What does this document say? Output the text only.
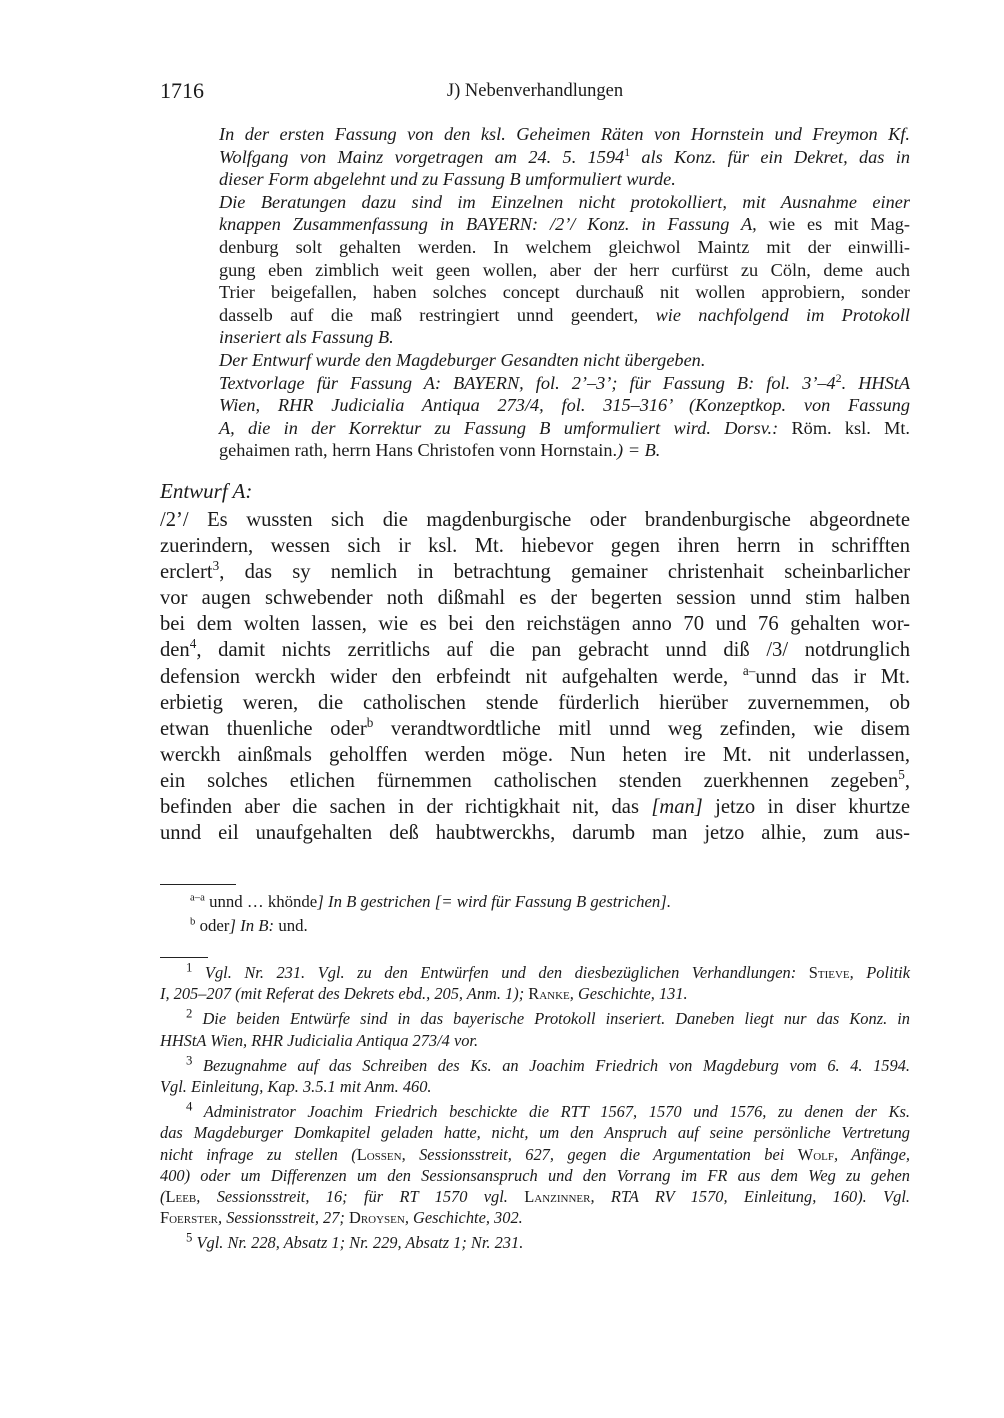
1716	J) Nebenverhandlungen
In der ersten Fassung von den ksl. Geheimen Räten von Hornstein und Freymon Kf.
Wolfgang von Mainz vorgetragen am 24. 5. 1594$^1$ als Konz. für ein Dekret, das in
dieser Form abgelehnt und zu Fassung B umformuliert wurde.
Die Beratungen dazu sind im Einzelnen nicht protokolliert, mit Ausnahme einer
knappen Zusammenfassung in BAYERN: /2’/ Konz. in Fassung A, wie es mit Mag-
denburg solt gehalten werden. In welchem gleichwol Maintz mit der einwilli-
gung eben zimblich weit geen wollen, aber der herr curfürst zu Cöln, deme auch
Trier beigefallen, haben solches concept durchauß nit wollen approbiern, sonder
dasselb auf die maß restringiert unnd geendert, wie nachfolgend im Protokoll
inseriert als Fassung B.
Der Entwurf wurde den Magdeburger Gesandten nicht übergeben.
Textvorlage für Fassung A: BAYERN, fol. 2’–3’; für Fassung B: fol. $3’-4^2$. HHStA
Wien, RHR Judicialia Antiqua 273/4, fol. 315–316’ (Konzeptkop. von Fassung
A, die in der Korrektur zu Fassung B umformuliert wird. Dorsv.: Röm. ksl. Mt.
gehaimen rath, herrn Hans Christofen vonn Hornstain.) = B.
Entwurf A:
/2’/ Es wussten sich die magdenburgische oder brandenburgische abgeordnete
zuerindern, wessen sich ir ksl. Mt. hiebevor gegen ihren herrn in schrifften
erclert$^3$, das sy nemlich in betrachtung gemainer christenhait scheinbarlicher
vor augen schwebender noth dißmahl es der begerten session unnd stim halben
bei dem wolten lassen, wie es bei den reichstägen anno 70 und 76 gehalten wor-
den$^4$, damit nichts zerritlichs auf die pan gebracht unnd diß /3/ notdrunglich
defension werckh wider den erbfeindt nit aufgehalten werde, $^{a-}$unnd das ir Mt.
erbietig weren, die catholischen stende fürderlich hierüber zuvernemmen, ob
etwan thuenliche oder$^b$ verandtwordtliche mitl unnd weg zefinden, wie disem
werckh ainßmals geholffen werden möge. Nun heten ire Mt. nit underlassen,
ein solches etlichen fürnemmen catholischen stenden zuerkhennen zegeben$^5$,
befinden aber die sachen in der richtigkhait nit, das [man] jetzo in diser khurtze
unnd eil unaufgehalten deß haubtwerckhs, darumb man jetzo alhie, zum aus-
$^{a-a}$ unnd … khönde] In B gestrichen [= wird für Fassung B gestrichen].
$^b$ oder] In B: und.
$^1$ Vgl. Nr. 231. Vgl. zu den Entwürfen und den diesbezüglichen Verhandlungen: Stieve, Politik
I, 205–207 (mit Referat des Dekrets ebd., 205, Anm. 1); Ranke, Geschichte, 131.
$^2$ Die beiden Entwürfe sind in das bayerische Protokoll inseriert. Daneben liegt nur das Konz. in
HHStA Wien, RHR Judicialia Antiqua 273/4 vor.
$^3$ Bezugnahme auf das Schreiben des Ks. an Joachim Friedrich von Magdeburg vom 6. 4. 1594.
Vgl. Einleitung, Kap. 3.5.1 mit Anm. 460.
$^4$ Administrator Joachim Friedrich beschickte die RTT 1567, 1570 und 1576, zu denen der Ks.
das Magdeburger Domkapitel geladen hatte, nicht, um den Anspruch auf seine persönliche Vertretung
nicht infrage zu stellen (Lossen, Sessionsstreit, 627, gegen die Argumentation bei Wolf, Anfänge,
400) oder um Differenzen um den Sessionsanspruch und den Vorrang im FR aus dem Weg zu gehen
(Leeb, Sessionsstreit, 16; für RT 1570 vgl. Lanzinner, RTA RV 1570, Einleitung, 160). Vgl.
Foerster, Sessionsstreit, 27; Droysen, Geschichte, 302.
$^5$ Vgl. Nr. 228, Absatz 1; Nr. 229, Absatz 1; Nr. 231.
